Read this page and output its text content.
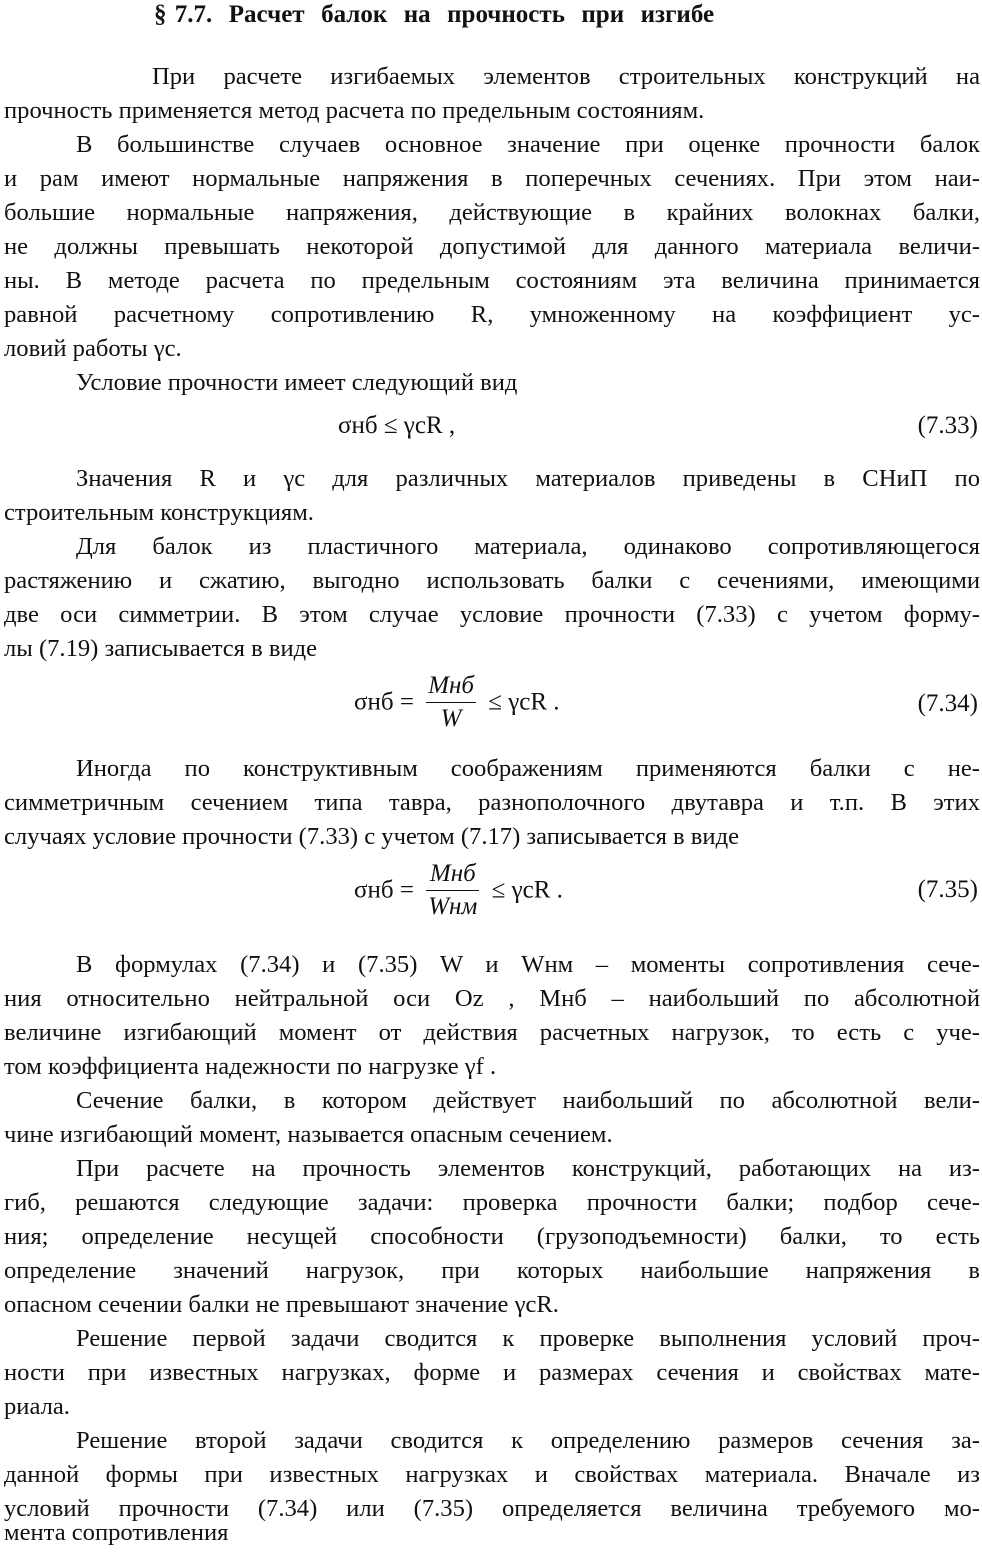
§ 7.7.  Расчет  балок  на  прочность  при  изгибе
При расчете изгибаемых элементов строительных конструкций на
прочность применяется метод расчета по предельным состояниям.
В большинстве случаев основное значение при оценке прочности балок
и рам имеют нормальные напряжения в поперечных сечениях. При этом наи-
большие нормальные напряжения, действующие в крайних волокнах балки,
не должны превышать некоторой допустимой для данного материала величи-
ны. В методе расчета по предельным состояниям эта величина принимается
равной расчетному сопротивлению R, умноженному на коэффициент ус-
ловий работы γc.
Условие прочности имеет следующий вид
σнб ≤ γcR ,	(7.33)
Значения R и γc для различных материалов приведены в СНиП по
строительным конструкциям.
Для балок из пластичного материала, одинаково сопротивляющегося
растяжению и сжатию, выгодно использовать балки с сечениями, имеющими
две оси симметрии. В этом случае условие прочности (7.33) с учетом форму-
лы (7.19) записывается в виде
$\sigma нб = \frac{\text{Mнб}}{W} \le \gamma cR$ .	(7.34)
Иногда по конструктивным соображениям применяются балки с не-
симметричным сечением типа тавра, разнополочного двутавра и т.п. В этих
случаях условие прочности (7.33) с учетом (7.17) записывается в виде
$\sigma нб = \frac{\text{Mнб}}{\text{Wнм}} \le \gamma cR$ .	(7.35)
В формулах (7.34) и (7.35) W и Wнм – моменты сопротивления сече-
ния относительно нейтральной оси Oz , Mнб – наибольший по абсолютной
величине изгибающий момент от действия расчетных нагрузок, то есть с уче-
том коэффициента надежности по нагрузке γf .
Сечение балки, в котором действует наибольший по абсолютной вели-
чине изгибающий момент, называется опасным сечением.
При расчете на прочность элементов конструкций, работающих на из-
гиб, решаются следующие задачи: проверка прочности балки; подбор сече-
ния; определение несущей способности (грузоподъемности) балки, то есть
определение значений нагрузок, при которых наибольшие напряжения в
опасном сечении балки не превышают значение γcR.
Решение первой задачи сводится к проверке выполнения условий проч-
ности при известных нагрузках, форме и размерах сечения и свойствах мате-
риала.
Решение второй задачи сводится к определению размеров сечения за-
данной формы при известных нагрузках и свойствах материала. Вначале из
условий прочности (7.34) или (7.35) определяется величина требуемого мо-
мента сопротивления
